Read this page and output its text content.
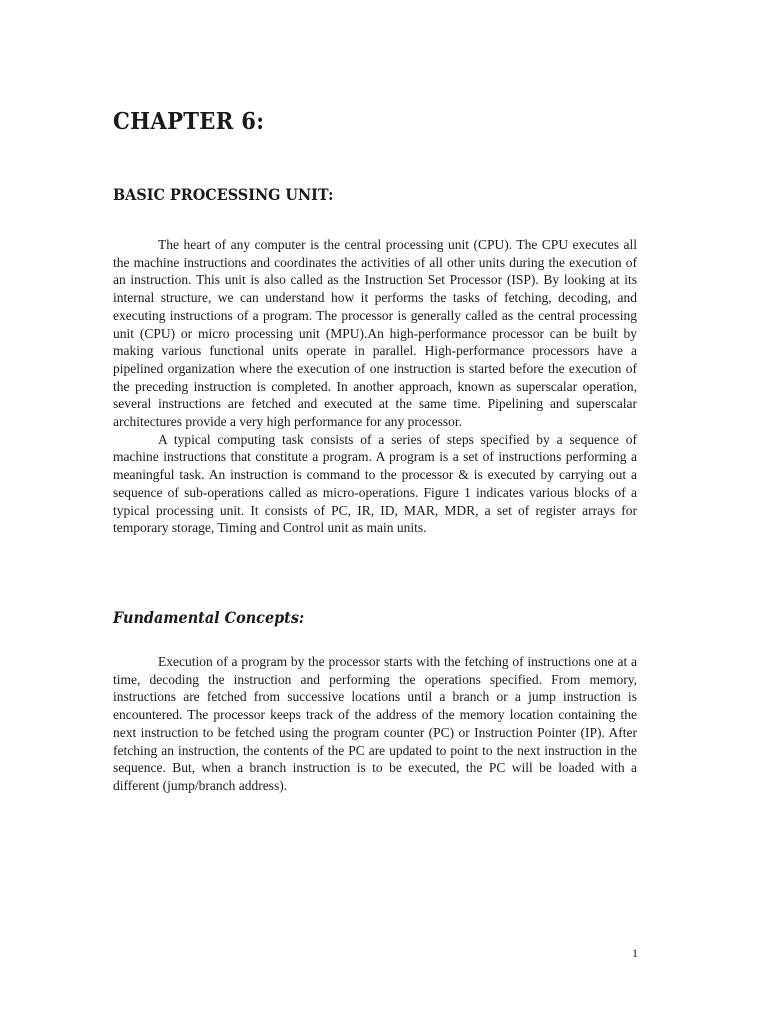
CHAPTER 6:
BASIC PROCESSING UNIT:

The heart of any computer is the central processing unit (CPU). The CPU executes all the machine instructions and coordinates the activities of all other units during the execution of an instruction. This unit is also called as the Instruction Set Processor (ISP). By looking at its internal structure, we can understand how it performs the tasks of fetching, decoding, and executing instructions of a program. The processor is generally called as the central processing unit (CPU) or micro processing unit (MPU).An high-performance processor can be built by making various functional units operate in parallel. High-performance processors have a pipelined organization where the execution of one instruction is started before the execution of the preceding instruction is completed. In another approach, known as superscalar operation, several instructions are fetched and executed at the same time. Pipelining and superscalar architectures provide a very high performance for any processor.

A typical computing task consists of a series of steps specified by a sequence of machine instructions that constitute a program. A program is a set of instructions performing a meaningful task. An instruction is command to the processor & is executed by carrying out a sequence of sub-operations called as micro-operations. Figure 1 indicates various blocks of a typical processing unit. It consists of PC, IR, ID, MAR, MDR, a set of register arrays for temporary storage, Timing and Control unit as main units.

Fundamental Concepts:

Execution of a program by the processor starts with the fetching of instructions one at a time, decoding the instruction and performing the operations specified. From memory, instructions are fetched from successive locations until a branch or a jump instruction is encountered. The processor keeps track of the address of the memory location containing the next instruction to be fetched using the program counter (PC) or Instruction Pointer (IP). After fetching an instruction, the contents of the PC are updated to point to the next instruction in the sequence. But, when a branch instruction is to be executed, the PC will be loaded with a different (jump/branch address).

1
